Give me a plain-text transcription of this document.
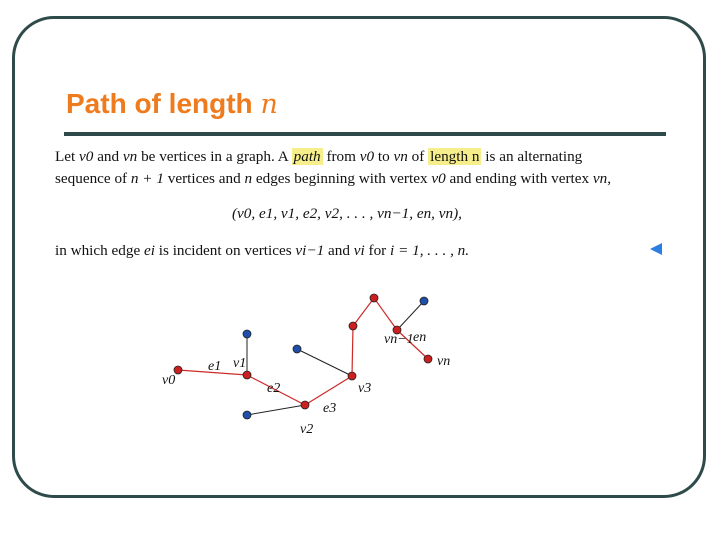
Path of length n
Let v0 and vn be vertices in a graph. A path from v0 to vn of length n is an alternating
sequence of n + 1 vertices and n edges beginning with vertex v0 and ending with vertex vn,
(v0, e1, v1, e2, v2, . . . , vn−1, en, vn),
in which edge ei is incident on vertices vi−1 and vi for i = 1, . . . , n.
v0
e1 v1
e2
v2
e3
v3
vn−1 en
vn
